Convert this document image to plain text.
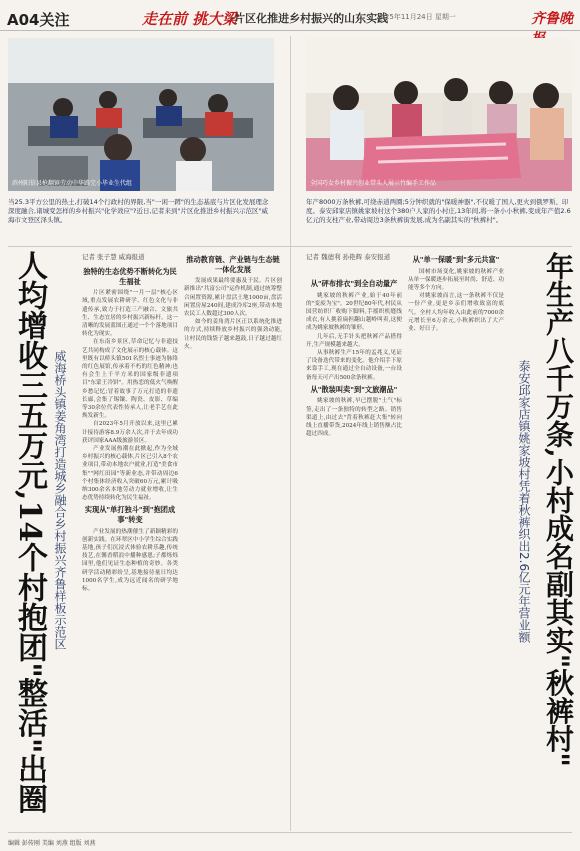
A04关注	走在前 挑大梁
·片区化推进乡村振兴的山东实践
2025年11月24日 星期一	齐鲁晚
滨州阳信县枪翻镇劳动中华路完小毕业生代组	全国巧女乡村振兴创业带头人展示竹编手工作品
当25.3平方公里的热土,打破14个行政村的界限,当"一闲一蹲"的生态基底与片区化发展理念深度融合,诸城变怎样的乡村振兴"化学效应"?近日,记者来到"片区化推进乡村振兴示范区"威海市文登区泽头镇。
年产8000万条秋裤,可绕赤道两圈;5分钟织就的"保暖神器",不仅暖了国人,更火到俄罗斯、印度。泰安邱家店镇姚家坡村这个380户人家的小村庄,13年间,将一条小小秋裤,变成年产值2.6亿元的支柱产业,带动周边3条秋裤街发展,成为名副其实的"秋裤村"。
人均增收三五万元,14个村抱团"整活"出圈 威海桥头镇姜角湾打造城乡融合乡村振兴齐鲁样板示范区
记者 张子慧 威海报道
独特的生态优势不断转化为民生福祉

片区紧密围绕"一月一层"核心区域,重点发展农耕研学、红色文化与非遗传承,致力于打造三产融合、文旅共生、生态宜居的乡村振兴新标杆。这一清晰的发展蓝图正通过一个个落地项目转化为现实。

在东南乡景区,草命记忆与非遗技艺共同构成了文化展示的核心载体。这里既有以桥头镇501名烈士事迹为脉络的红色展馆,传承着不朽的红色精神;也有会生上千平方米的国家级非遗项目"东蒙王冷饼"。用热恋的低火气唤醒乡愁记忆;冒着故事了万元打造的非遗长廊,会集了锡镶、陶瓷、皮影、草编等30余位代表性传承人,让老手艺在此焕发新生。

自2023年5月开放以来,这里已累计接待游客8.9万余人次,并于去年成功获评国家AAA级旅游景区。

产业发展热潮在此掀起,作为全域乡村振兴的核心载体,片区已引入8个农业项目,带动本地农户就业,打造"美食市集""网红田园"等新业态,并带动周边6个村集体经济收入突破60万元,累计吸纳300余名本地劳动力就业增收,让生态优势持续转化为民生福祉。

实现从"单打独斗"到"抱团成事"转变

产业发展的热潮催生了新颖精彩的创新实践。在环翠区中小学生综合实践基地,孩子们沉浸式体验农耕乐趣,传统技艺,在馨香稻浪中播种感恩;子都烁烁园里,他们见证生态种植的奇妙。各类研学活动精彩纷呈,基地接待量日均达1000名学生,成为远近闻名的研学地标。

推动教育链、产业链与生态链一体化发展

发展成果最终要惠及于民。片区创新推出"共富公司"运作机制,通过统筹整合闲置资源,累计盘活土地1000亩,盘活闲置房屋240间,建成冷库2座,带动本地农民工人数超过300人次。

如今的姜角湾片区正以系统化推进的方式,持续释放乡村振兴的强劲动能,让村民的钱袋子越来越鼓,日子越过越红火。

记者 魏德利 孙艳辉 泰安报道
从"砰布排衣"到全自动量产

姚家坡的秋裤产业,始于40年前的"变废为宝"。20世纪80年代,村民从国营纺织厂收购下脚料,手摇织机缝线成衣,有人挑着扁担翻山越岭叫卖,这便成为姚家坡秋裤的雏形。

几年后,无手针头把秋裤产品搭得开,生产规模越来越大。

从事秋裤生产15年的孟兆义,见证了设备迭代带来的变化。他介绍手下原来靠手工,现在通过全自动设备,一台设备每天可产出500余条秋裤。

从"散装叫卖"到"文旅潮品"

姚家坡的秋裤,早已摆脱"土气"标签,走出了一条独特的转型之路。销售渠道上,由过去"背着秋裤赶大集"转向线上直播带货,2024年线上销售额占比超过四成。

从"单一保暖"到"多元共富"

国树市场变化,姚家坡的秋裤产业从单一保暖逐步拓展至时尚、舒适、功能等多个方向。

对姚家坡而言,这一条秋裤不仅是一份产业,更是乡亲们增收致富的底气。全村人均年收入由此前的7000余元增长至6万余元,小秋裤织出了大产业、好日子。	年生产八千万条,小村成名副其实"秋裤村"
泰安邱家店镇姚家坡村凭着秋裤织出2.6亿元年营业额
编辑 彭传刚 美编 刘燕 组版 刘燕
